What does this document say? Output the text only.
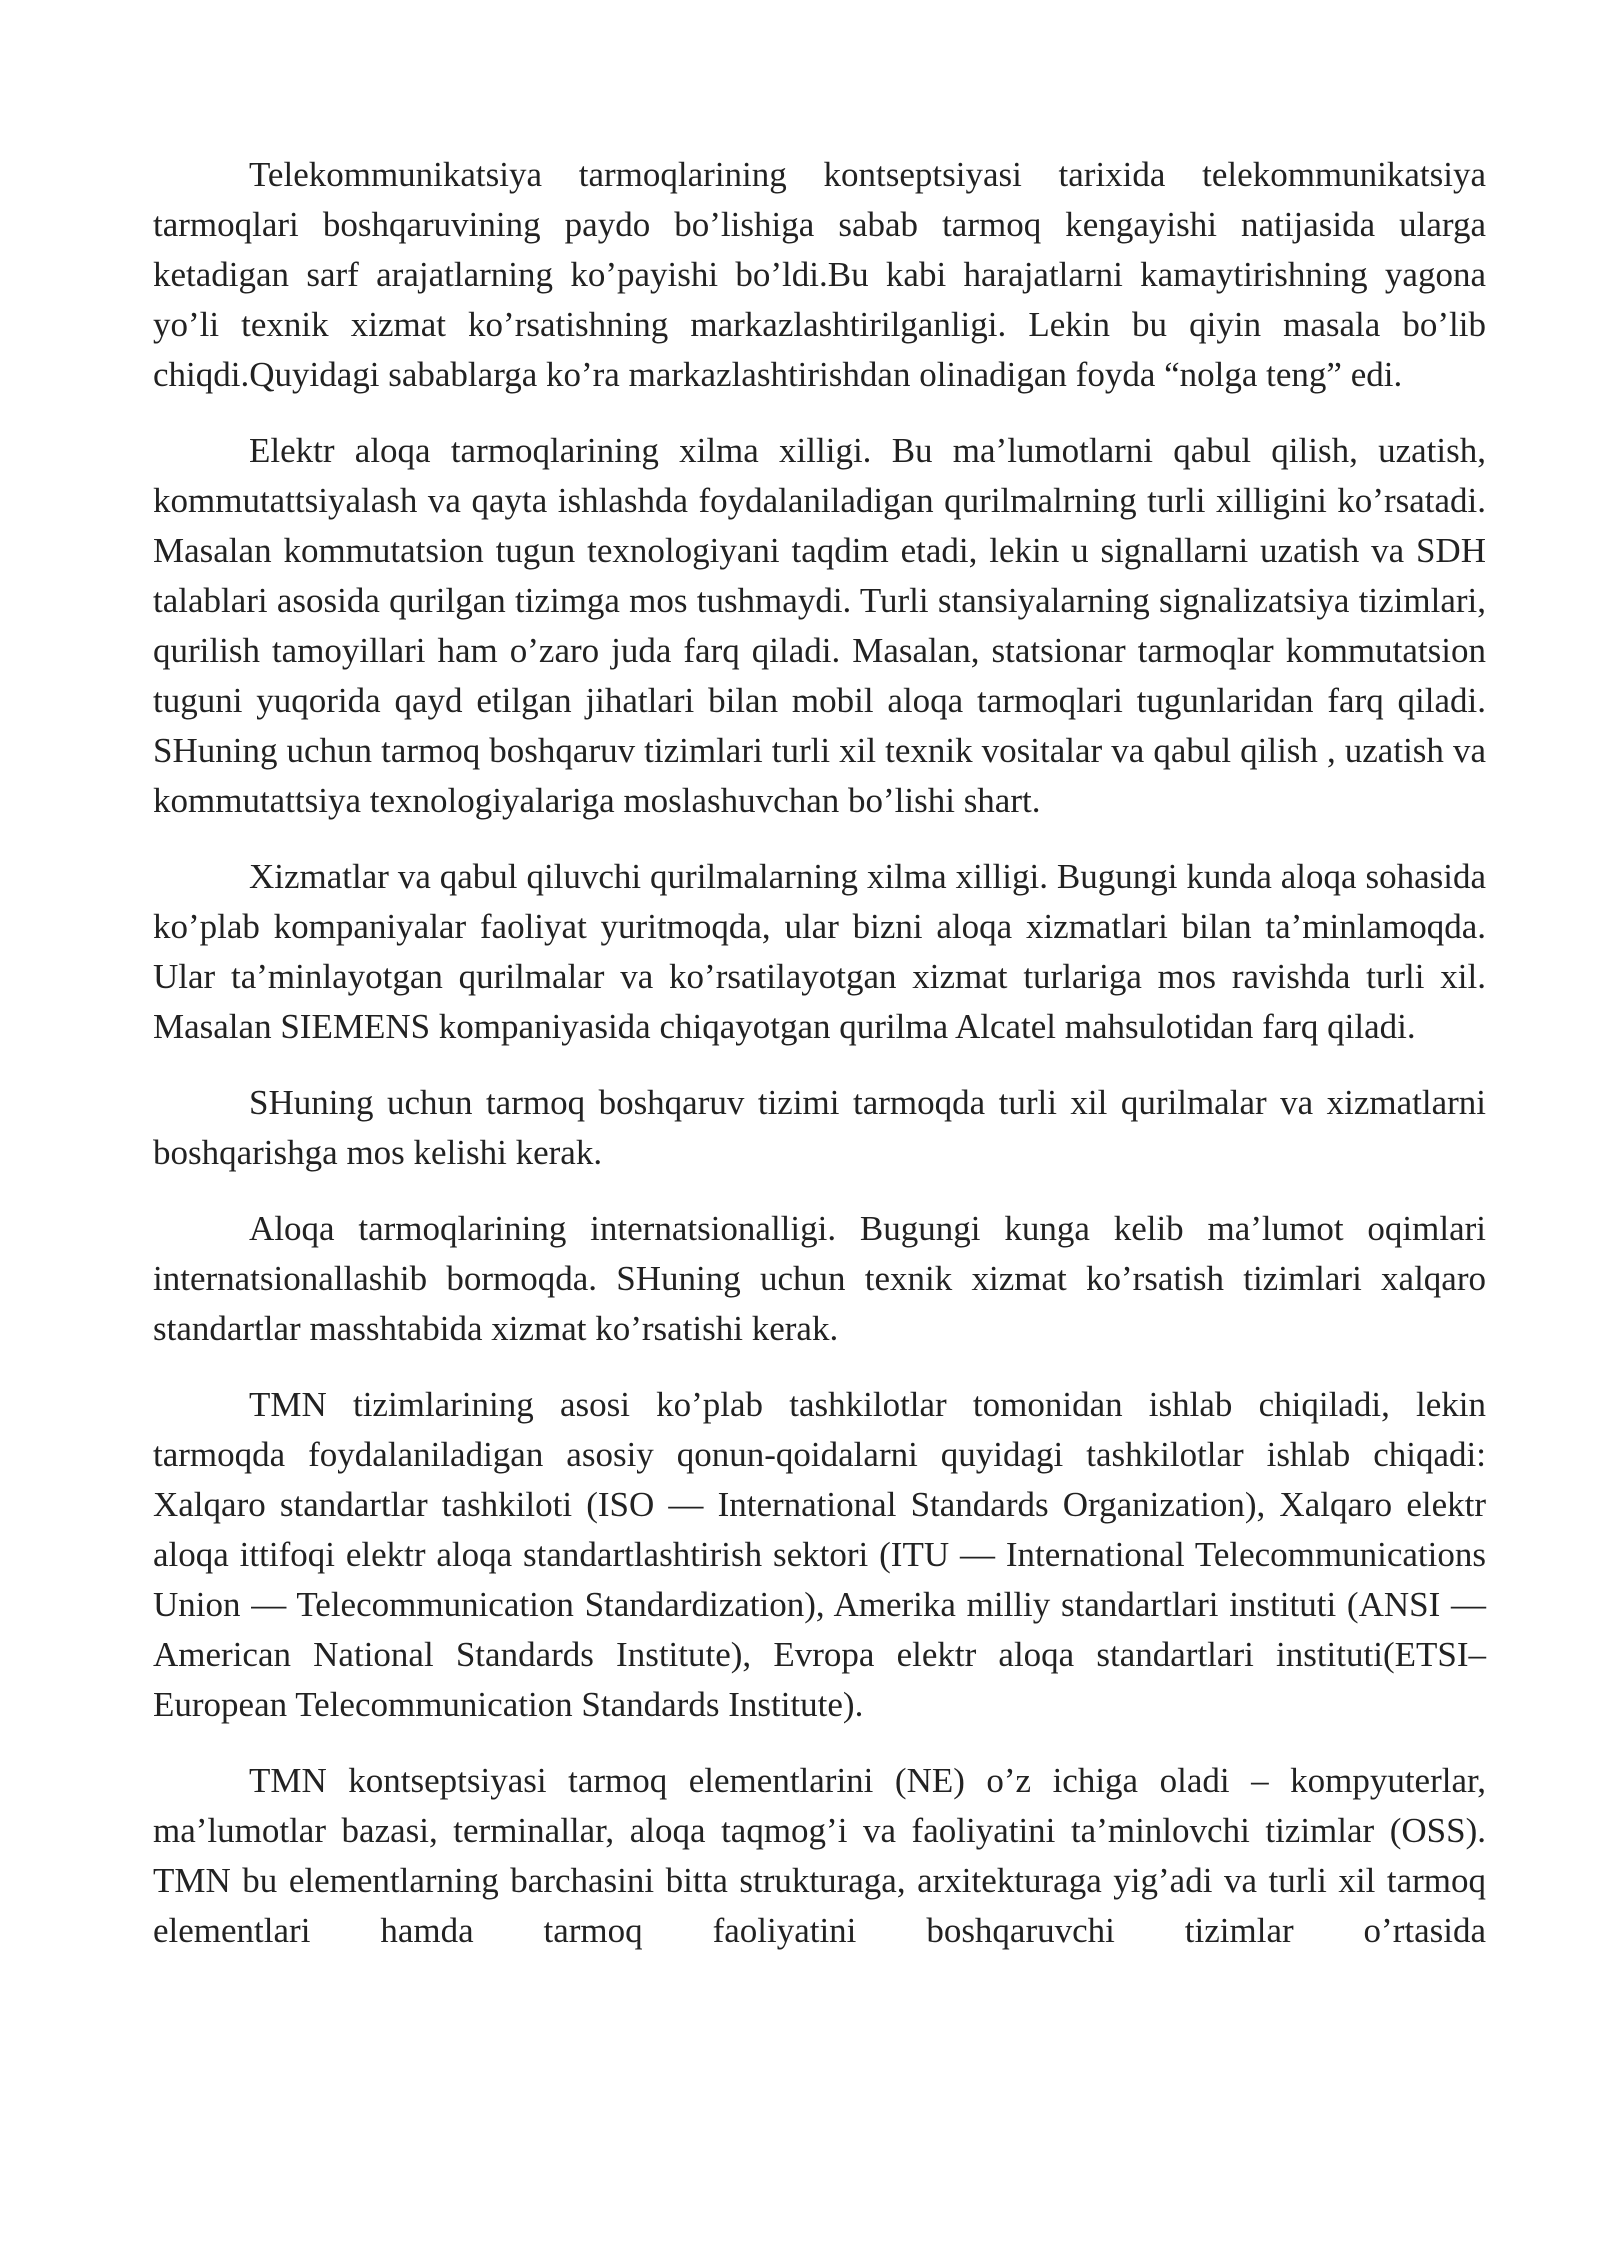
Telekommunikatsiya tarmoqlarining kontseptsiyasi tarixida telekommunikatsiya tarmoqlari boshqaruvining paydo bo’lishiga sabab tarmoq kengayishi natijasida ularga ketadigan sarf arajatlarning ko’payishi bo’ldi.Bu kabi harajatlarni kamaytirishning yagona yo’li texnik xizmat ko’rsatishning markazlashtirilganligi. Lekin bu qiyin masala bo’lib chiqdi.Quyidagi sabablarga ko’ra markazlashtirishdan olinadigan foyda “nolga teng” edi.

Elektr aloqa tarmoqlarining xilma xilligi. Bu ma’lumotlarni qabul qilish, uzatish, kommutattsiyalash va qayta ishlashda foydalaniladigan qurilmalrning turli xilligini ko’rsatadi. Masalan kommutatsion tugun texnologiyani taqdim etadi, lekin u signallarni uzatish va SDH talablari asosida qurilgan tizimga mos tushmaydi. Turli stansiyalarning signalizatsiya tizimlari, qurilish tamoyillari ham o’zaro juda farq qiladi. Masalan, statsionar tarmoqlar kommutatsion tuguni yuqorida qayd etilgan jihatlari bilan mobil aloqa tarmoqlari tugunlaridan farq qiladi. SHuning uchun tarmoq boshqaruv tizimlari turli xil texnik vositalar va qabul qilish , uzatish va kommutattsiya texnologiyalariga moslashuvchan bo’lishi shart.

Xizmatlar va qabul qiluvchi qurilmalarning xilma xilligi. Bugungi kunda aloqa sohasida ko’plab kompaniyalar faoliyat yuritmoqda, ular bizni aloqa xizmatlari bilan ta’minlamoqda. Ular ta’minlayotgan qurilmalar va ko’rsatilayotgan xizmat turlariga mos ravishda turli xil. Masalan SIEMENS kompaniyasida chiqayotgan qurilma Alcatel mahsulotidan farq qiladi.

SHuning uchun tarmoq boshqaruv tizimi tarmoqda turli xil qurilmalar va xizmatlarni boshqarishga mos kelishi kerak.

Aloqa tarmoqlarining internatsionalligi. Bugungi kunga kelib ma’lumot oqimlari internatsionallashib bormoqda. SHuning uchun texnik xizmat ko’rsatish tizimlari xalqaro standartlar masshtabida xizmat ko’rsatishi kerak.

TMN tizimlarining asosi ko’plab tashkilotlar tomonidan ishlab chiqiladi, lekin tarmoqda foydalaniladigan asosiy qonun-qoidalarni quyidagi tashkilotlar ishlab chiqadi: Xalqaro standartlar tashkiloti (ISO — International Standards Organization), Xalqaro elektr aloqa ittifoqi elektr aloqa standartlashtirish sektori (ITU — International Telecommunications Union — Telecommunication Standardization), Amerika milliy standartlari instituti (ANSI — American National Standards Institute), Evropa elektr aloqa standartlari instituti(ETSI–European Telecommunication Standards Institute).

TMN kontseptsiyasi tarmoq elementlarini (NE) o’z ichiga oladi – kompyuterlar, ma’lumotlar bazasi, terminallar, aloqa taqmog’i va faoliyatini ta’minlovchi tizimlar (OSS). TMN bu elementlarning barchasini bitta strukturaga, arxitekturaga yig’adi va turli xil tarmoq elementlari hamda tarmoq faoliyatini boshqaruvchi tizimlar o’rtasida
